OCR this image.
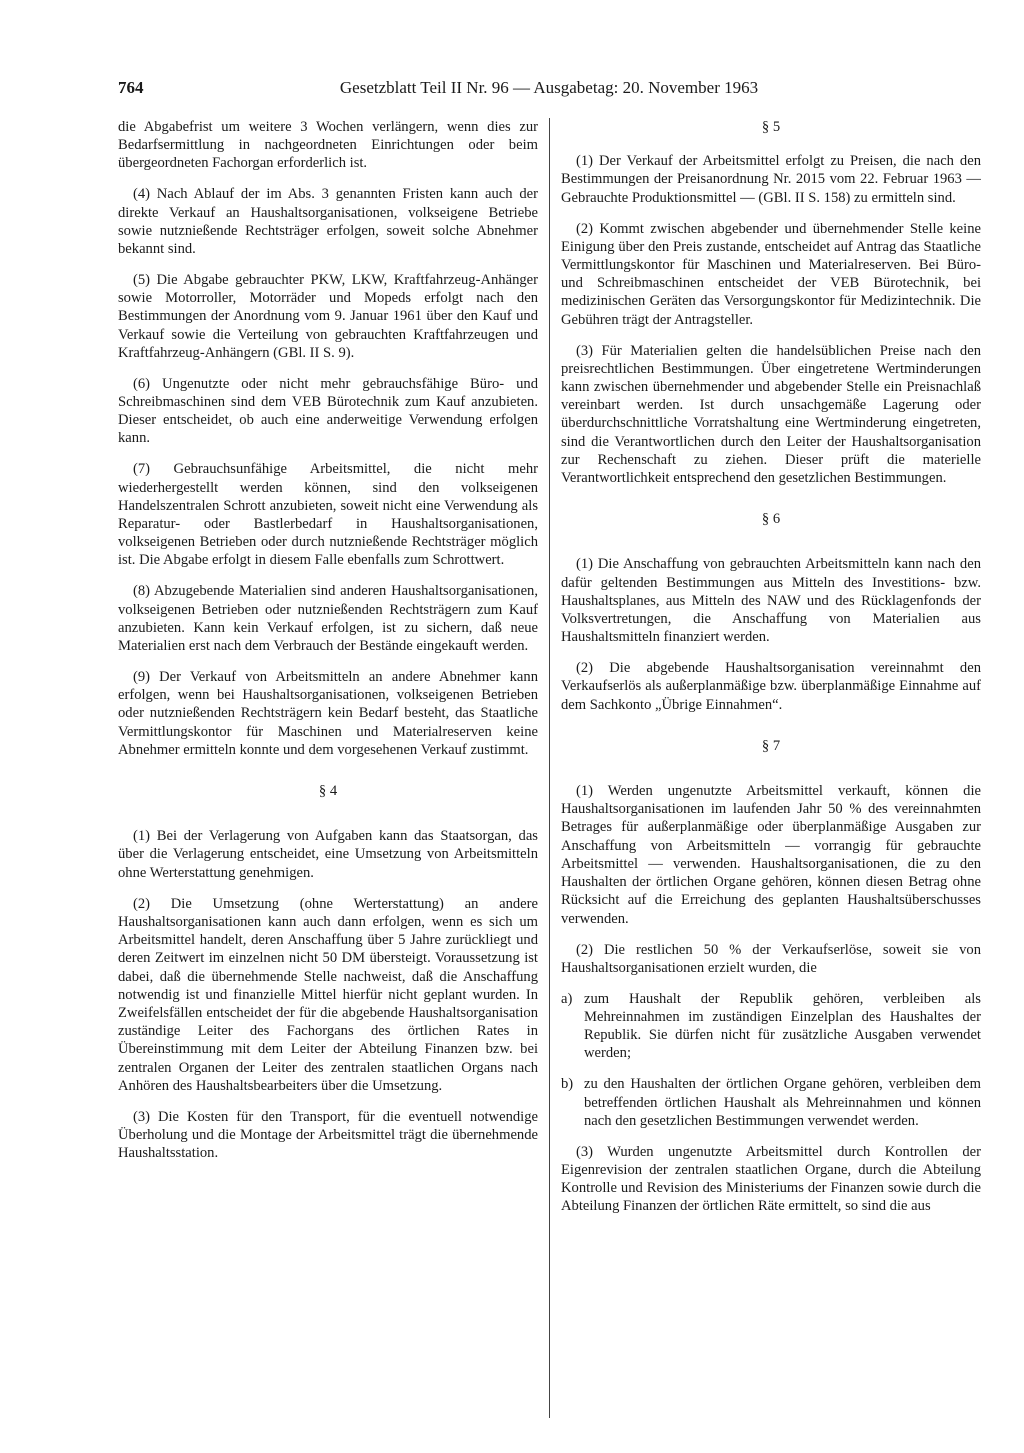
764	Gesetzblatt Teil II Nr. 96 — Ausgabetag: 20. November 1963

die Abgabefrist um weitere 3 Wochen verlängern, wenn dies zur Bedarfsermittlung in nachgeordneten Einrichtungen oder beim übergeordneten Fachorgan erforderlich ist.

(4) Nach Ablauf der im Abs. 3 genannten Fristen kann auch der direkte Verkauf an Haushaltsorganisationen, volkseigene Betriebe sowie nutznießende Rechtsträger erfolgen, soweit solche Abnehmer bekannt sind.

(5) Die Abgabe gebrauchter PKW, LKW, Kraftfahrzeug-Anhänger sowie Motorroller, Motorräder und Mopeds erfolgt nach den Bestimmungen der Anordnung vom 9. Januar 1961 über den Kauf und Verkauf sowie die Verteilung von gebrauchten Kraftfahrzeugen und Kraftfahrzeug-Anhängern (GBl. II S. 9).

(6) Ungenutzte oder nicht mehr gebrauchsfähige Büro- und Schreibmaschinen sind dem VEB Bürotechnik zum Kauf anzubieten. Dieser entscheidet, ob auch eine anderweitige Verwendung erfolgen kann.

(7) Gebrauchsunfähige Arbeitsmittel, die nicht mehr wiederhergestellt werden können, sind den volkseigenen Handelszentralen Schrott anzubieten, soweit nicht eine Verwendung als Reparatur- oder Bastlerbedarf in Haushaltsorganisationen, volkseigenen Betrieben oder durch nutznießende Rechtsträger möglich ist. Die Abgabe erfolgt in diesem Falle ebenfalls zum Schrottwert.

(8) Abzugebende Materialien sind anderen Haushaltsorganisationen, volkseigenen Betrieben oder nutznießenden Rechtsträgern zum Kauf anzubieten. Kann kein Verkauf erfolgen, ist zu sichern, daß neue Materialien erst nach dem Verbrauch der Bestände eingekauft werden.

(9) Der Verkauf von Arbeitsmitteln an andere Abnehmer kann erfolgen, wenn bei Haushaltsorganisationen, volkseigenen Betrieben oder nutznießenden Rechtsträgern kein Bedarf besteht, das Staatliche Vermittlungskontor für Maschinen und Materialreserven keine Abnehmer ermitteln konnte und dem vorgesehenen Verkauf zustimmt.

§ 4

(1) Bei der Verlagerung von Aufgaben kann das Staatsorgan, das über die Verlagerung entscheidet, eine Umsetzung von Arbeitsmitteln ohne Werterstattung genehmigen.

(2) Die Umsetzung (ohne Werterstattung) an andere Haushaltsorganisationen kann auch dann erfolgen, wenn es sich um Arbeitsmittel handelt, deren Anschaffung über 5 Jahre zurückliegt und deren Zeitwert im einzelnen nicht 50 DM übersteigt. Voraussetzung ist dabei, daß die übernehmende Stelle nachweist, daß die Anschaffung notwendig ist und finanzielle Mittel hierfür nicht geplant wurden. In Zweifelsfällen entscheidet der für die abgebende Haushaltsorganisation zuständige Leiter des Fachorgans des örtlichen Rates in Übereinstimmung mit dem Leiter der Abteilung Finanzen bzw. bei zentralen Organen der Leiter des zentralen staatlichen Organs nach Anhören des Haushaltsbearbeiters über die Umsetzung.

(3) Die Kosten für den Transport, für die eventuell notwendige Überholung und die Montage der Arbeitsmittel trägt die übernehmende Haushaltsstation.

§ 5

(1) Der Verkauf der Arbeitsmittel erfolgt zu Preisen, die nach den Bestimmungen der Preisanordnung Nr. 2015 vom 22. Februar 1963 — Gebrauchte Produktionsmittel — (GBl. II S. 158) zu ermitteln sind.

(2) Kommt zwischen abgebender und übernehmender Stelle keine Einigung über den Preis zustande, entscheidet auf Antrag das Staatliche Vermittlungskontor für Maschinen und Materialreserven. Bei Büro- und Schreibmaschinen entscheidet der VEB Bürotechnik, bei medizinischen Geräten das Versorgungskontor für Medizintechnik. Die Gebühren trägt der Antragsteller.

(3) Für Materialien gelten die handelsüblichen Preise nach den preisrechtlichen Bestimmungen. Über eingetretene Wertminderungen kann zwischen übernehmender und abgebender Stelle ein Preisnachlaß vereinbart werden. Ist durch unsachgemäße Lagerung oder überdurchschnittliche Vorratshaltung eine Wertminderung eingetreten, sind die Verantwortlichen durch den Leiter der Haushaltsorganisation zur Rechenschaft zu ziehen. Dieser prüft die materielle Verantwortlichkeit entsprechend den gesetzlichen Bestimmungen.

§ 6

(1) Die Anschaffung von gebrauchten Arbeitsmitteln kann nach den dafür geltenden Bestimmungen aus Mitteln des Investitions- bzw. Haushaltsplanes, aus Mitteln des NAW und des Rücklagenfonds der Volksvertretungen, die Anschaffung von Materialien aus Haushaltsmitteln finanziert werden.

(2) Die abgebende Haushaltsorganisation vereinnahmt den Verkaufserlös als außerplanmäßige bzw. überplanmäßige Einnahme auf dem Sachkonto „Übrige Einnahmen“.

§ 7

(1) Werden ungenutzte Arbeitsmittel verkauft, können die Haushaltsorganisationen im laufenden Jahr 50 % des vereinnahmten Betrages für außerplanmäßige oder überplanmäßige Ausgaben zur Anschaffung von Arbeitsmitteln — vorrangig für gebrauchte Arbeitsmittel — verwenden. Haushaltsorganisationen, die zu den Haushalten der örtlichen Organe gehören, können diesen Betrag ohne Rücksicht auf die Erreichung des geplanten Haushaltsüberschusses verwenden.

(2) Die restlichen 50 % der Verkaufserlöse, soweit sie von Haushaltsorganisationen erzielt wurden, die

a) zum Haushalt der Republik gehören, verbleiben als Mehreinnahmen im zuständigen Einzelplan des Haushaltes der Republik. Sie dürfen nicht für zusätzliche Ausgaben verwendet werden;
b) zu den Haushalten der örtlichen Organe gehören, verbleiben dem betreffenden örtlichen Haushalt als Mehreinnahmen und können nach den gesetzlichen Bestimmungen verwendet werden.

(3) Wurden ungenutzte Arbeitsmittel durch Kontrollen der Eigenrevision der zentralen staatlichen Organe, durch die Abteilung Kontrolle und Revision des Ministeriums der Finanzen sowie durch die Abteilung Finanzen der örtlichen Räte ermittelt, so sind die aus
